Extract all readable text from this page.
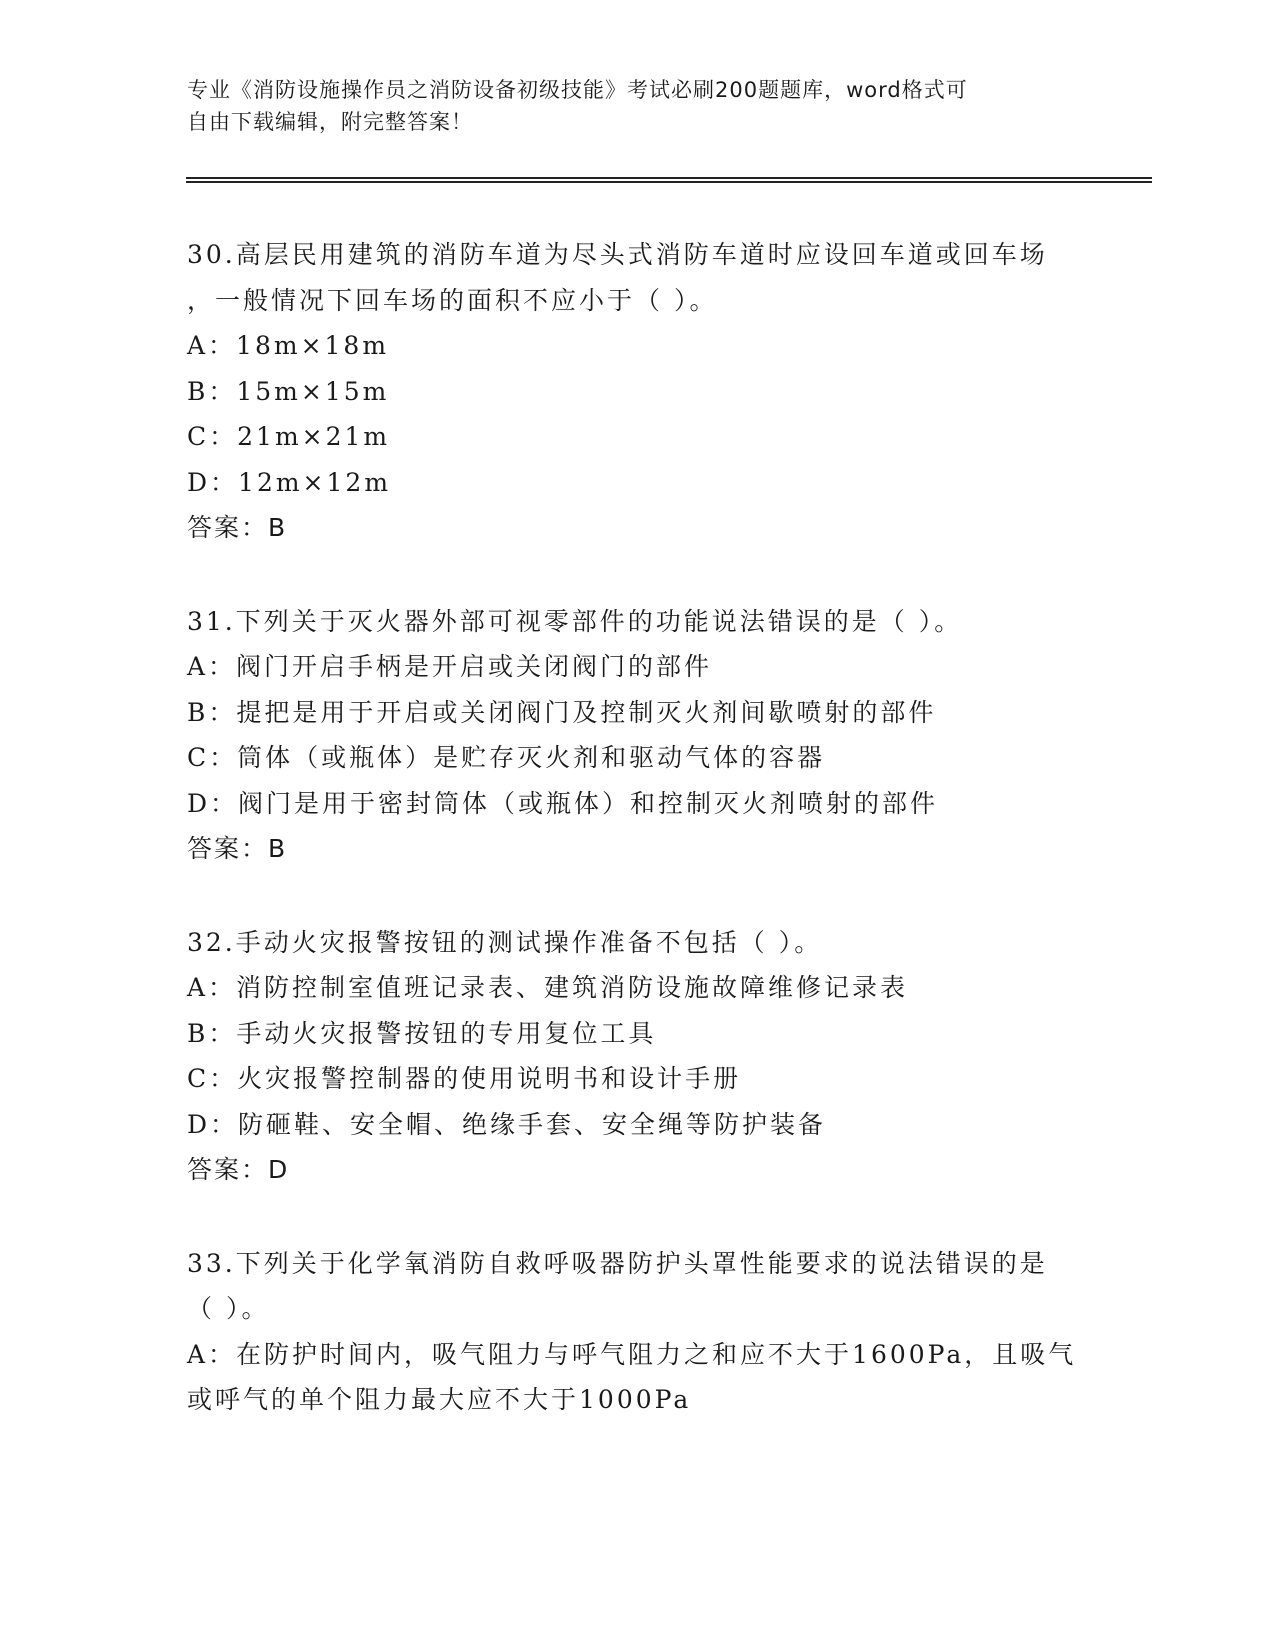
专业《消防设施操作员之消防设备初级技能》考试必刷200题题库，word格式可
自由下载编辑，附完整答案！
30.高层民用建筑的消防车道为尽头式消防车道时应设回车道或回车场
，一般情况下回车场的面积不应小于（ ）。
A：18m×18m
B：15m×15m
C：21m×21m
D：12m×12m
答案：B
31.下列关于灭火器外部可视零部件的功能说法错误的是（ ）。
A：阀门开启手柄是开启或关闭阀门的部件
B：提把是用于开启或关闭阀门及控制灭火剂间歇喷射的部件
C：筒体（或瓶体）是贮存灭火剂和驱动气体的容器
D：阀门是用于密封筒体（或瓶体）和控制灭火剂喷射的部件
答案：B
32.手动火灾报警按钮的测试操作准备不包括（ ）。
A：消防控制室值班记录表、建筑消防设施故障维修记录表
B：手动火灾报警按钮的专用复位工具
C：火灾报警控制器的使用说明书和设计手册
D：防砸鞋、安全帽、绝缘手套、安全绳等防护装备
答案：D
33.下列关于化学氧消防自救呼吸器防护头罩性能要求的说法错误的是
（ ）。
A：在防护时间内，吸气阻力与呼气阻力之和应不大于1600Pa，且吸气
或呼气的单个阻力最大应不大于1000Pa
